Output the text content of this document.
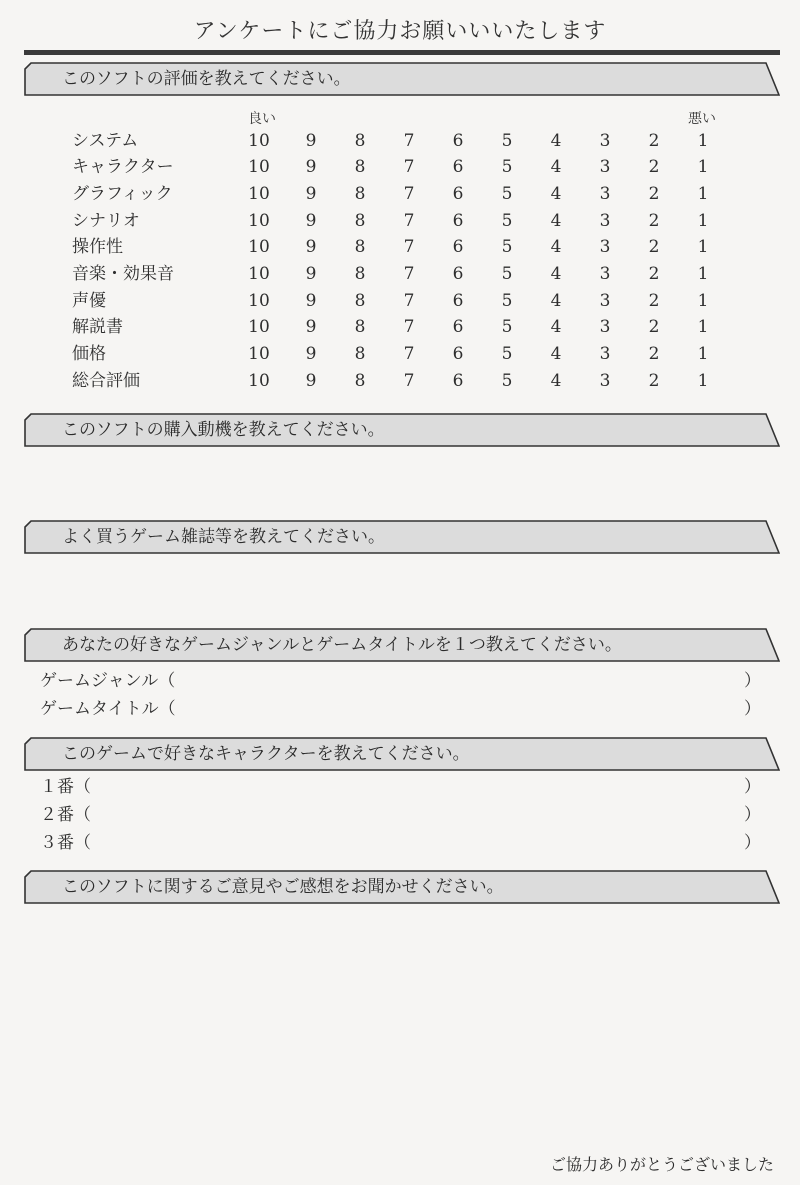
アンケートにご協力お願いいいたします
このソフトの評価を教えてください。
このソフトの購入動機を教えてください。
よく買うゲーム雑誌等を教えてください。
あなたの好きなゲームジャンルとゲームタイトルを１つ教えてください。
このゲームで好きなキャラクターを教えてください。
このソフトに関するご意見やご感想をお聞かせください。
良い	悪い
システム	10	9	8	7	6	5	4	3	2	1
キャラクター	10	9	8	7	6	5	4	3	2	1
グラフィック	10	9	8	7	6	5	4	3	2	1
シナリオ	10	9	8	7	6	5	4	3	2	1
操作性	10	9	8	7	6	5	4	3	2	1
音楽・効果音	10	9	8	7	6	5	4	3	2	1
声優	10	9	8	7	6	5	4	3	2	1
解説書	10	9	8	7	6	5	4	3	2	1
価格	10	9	8	7	6	5	4	3	2	1
総合評価	10	9	8	7	6	5	4	3	2	1
ゲームジャンル（	）
ゲームタイトル（	）
１番（	）
２番（	）
３番（	）
ご協力ありがとうございました
